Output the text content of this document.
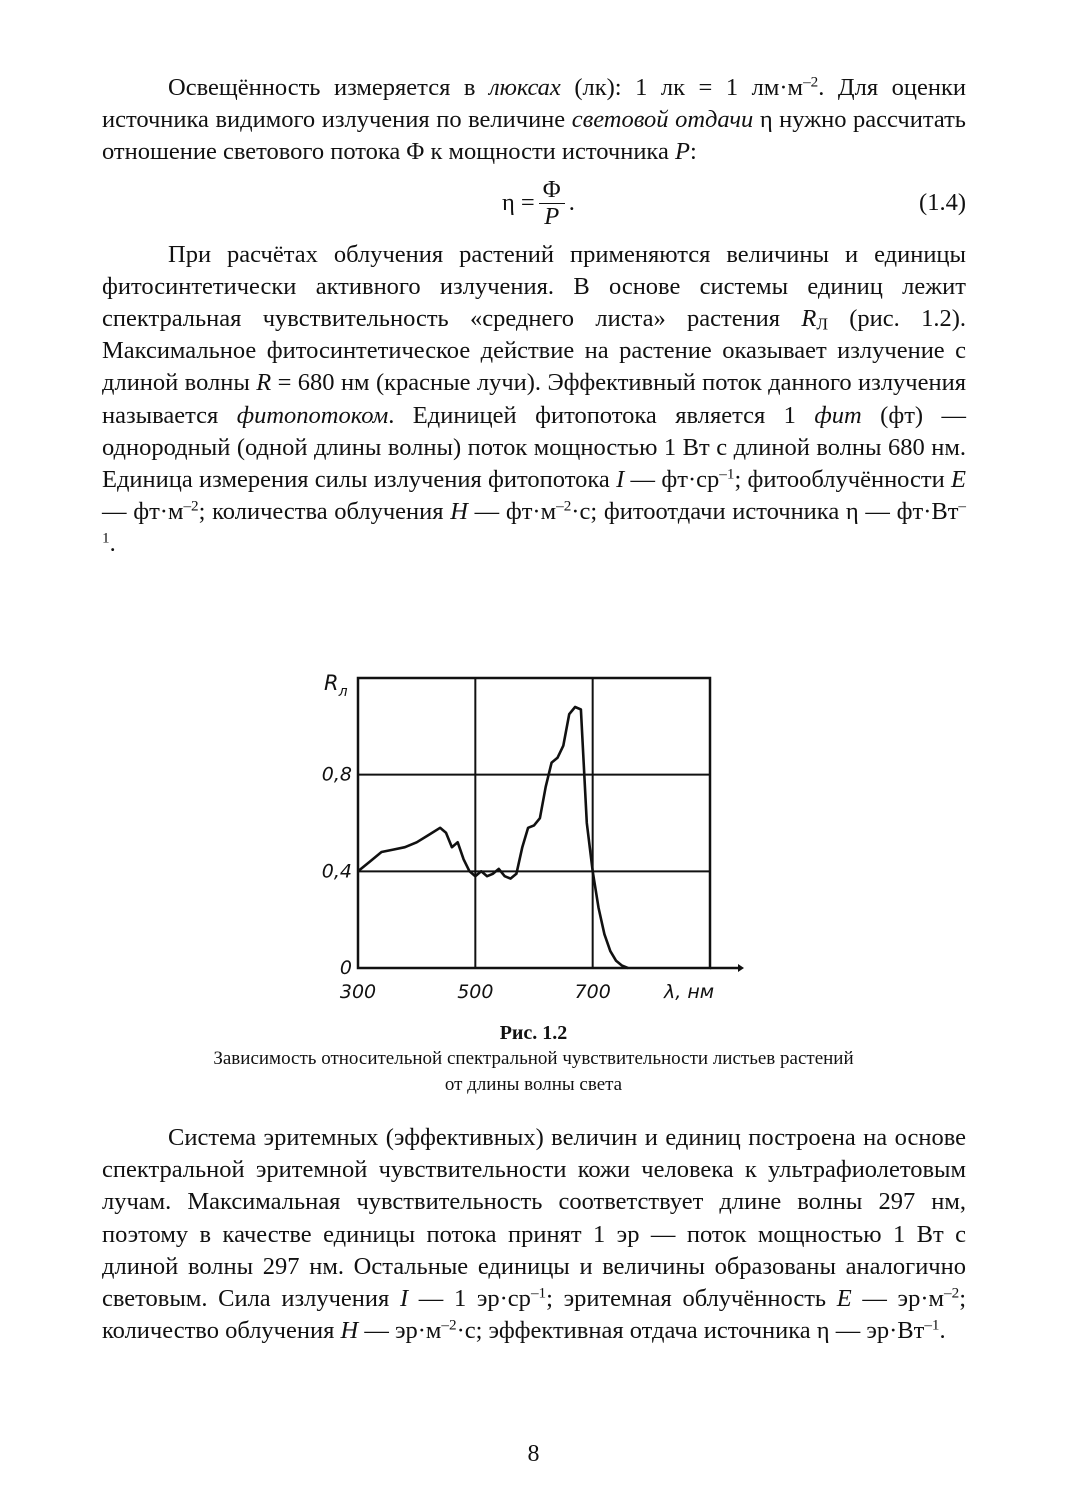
Освещённость измеряется в люксах (лк): 1 лк = 1 $лм\cdot м^{-2}$. Для оценки источника видимого излучения по величине световой отдачи η нужно рассчитать отношение светового потока Φ к мощности источника P:

$\eta = \frac{\Phi}{P}$ .	(1.4)

При расчётах облучения растений применяются величины и единицы фитосинтетически активного излучения. В основе системы единиц лежит спектральная чувствительность «среднего листа» растения $R_Л$ (рис. 1.2). Максимальное фитосинтетическое действие на растение оказывает излучение с длиной волны R = 680 нм (красные лучи). Эффективный поток данного излучения называется фитопотоком. Единицей фитопотока является 1 фит (фт) — однородный (одной длины волны) поток мощностью 1 Вт с длиной волны 680 нм. Единица измерения силы излучения фитопотока I — $фт\cdot ср^{-1}$; фитооблучённости E — $фт\cdot м^{-2}$; количества облучения H — $фт\cdot м^{-2}\cdot с$; фитоотдачи источника η — $фт\cdot Вт^{-1}$.

0
0,4
0,8
300	500	700	λ, нм
$R_л$
Рис. 1.2
Зависимость относительной спектральной чувствительности листьев растений
от длины волны света

Система эритемных (эффективных) величин и единиц построена на основе спектральной эритемной чувствительности кожи человека к ультрафиолетовым лучам. Максимальная чувствительность соответствует длине волны 297 нм, поэтому в качестве единицы потока принят 1 эр — поток мощностью 1 Вт с длиной волны 297 нм. Остальные единицы и величины образованы аналогично световым. Сила излучения I — 1 $эр\cdot ср^{-1}$; эритемная облучённость E — $эр\cdot м^{-2}$; количество облучения H — $эр\cdot м^{-2}\cdot с$; эффективная отдача источника η — $эр\cdot Вт^{-1}$.

8
